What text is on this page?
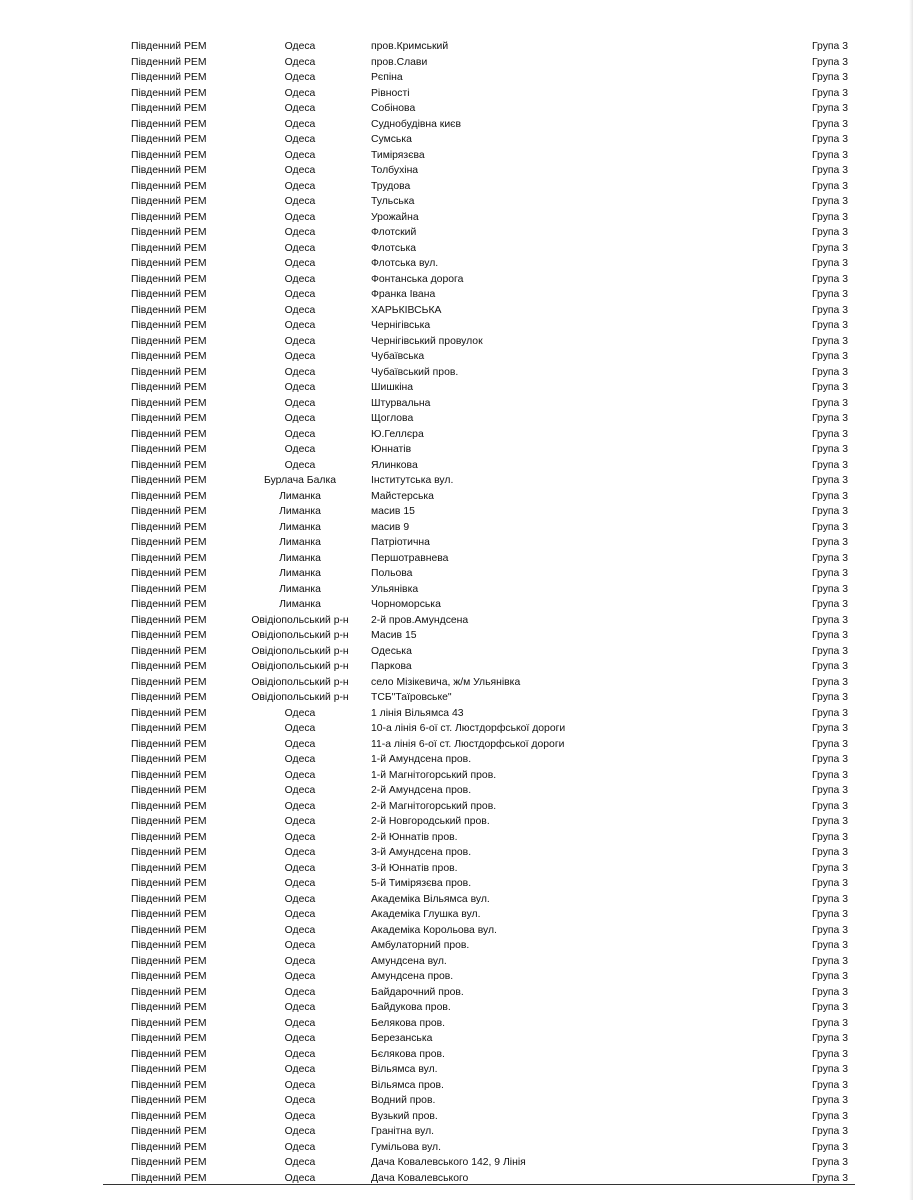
Південний РЕМ	Одеса	пров.Кримський	Група 3
Південний РЕМ	Одеса	пров.Слави	Група 3
Південний РЕМ	Одеса	Рєпіна	Група 3
Південний РЕМ	Одеса	Рівності	Група 3
Південний РЕМ	Одеса	Собінова	Група 3
Південний РЕМ	Одеса	Суднобудівна києв	Група 3
Південний РЕМ	Одеса	Сумська	Група 3
Південний РЕМ	Одеса	Тимірязєва	Група 3
Південний РЕМ	Одеса	Толбухіна	Група 3
Південний РЕМ	Одеса	Трудова	Група 3
Південний РЕМ	Одеса	Тульська	Група 3
Південний РЕМ	Одеса	Урожайна	Група 3
Південний РЕМ	Одеса	Флотский	Група 3
Південний РЕМ	Одеса	Флотська	Група 3
Південний РЕМ	Одеса	Флотська вул.	Група 3
Південний РЕМ	Одеса	Фонтанська дорога	Група 3
Південний РЕМ	Одеса	Франка Івана	Група 3
Південний РЕМ	Одеса	ХАРЬКІВСЬКА	Група 3
Південний РЕМ	Одеса	Чернігівська	Група 3
Південний РЕМ	Одеса	Чернігівський провулок	Група 3
Південний РЕМ	Одеса	Чубаївська	Група 3
Південний РЕМ	Одеса	Чубаївський пров.	Група 3
Південний РЕМ	Одеса	Шишкіна	Група 3
Південний РЕМ	Одеса	Штурвальна	Група 3
Південний РЕМ	Одеса	Щоглова	Група 3
Південний РЕМ	Одеса	Ю.Геллєра	Група 3
Південний РЕМ	Одеса	Юннатів	Група 3
Південний РЕМ	Одеса	Ялинкова	Група 3
Південний РЕМ	Бурлача Балка	Інститутська вул.	Група 3
Південний РЕМ	Лиманка	Майстерська	Група 3
Південний РЕМ	Лиманка	масив 15	Група 3
Південний РЕМ	Лиманка	масив 9	Група 3
Південний РЕМ	Лиманка	Патріотична	Група 3
Південний РЕМ	Лиманка	Першотравнева	Група 3
Південний РЕМ	Лиманка	Польова	Група 3
Південний РЕМ	Лиманка	Ульянівка	Група 3
Південний РЕМ	Лиманка	Чорноморська	Група 3
Південний РЕМ	Овідіопольський р-н	2-й пров.Амундсена	Група 3
Південний РЕМ	Овідіопольський р-н	Масив 15	Група 3
Південний РЕМ	Овідіопольський р-н	Одеська	Група 3
Південний РЕМ	Овідіопольський р-н	Паркова	Група 3
Південний РЕМ	Овідіопольський р-н	село Мізікевича, ж/м Ульянівка	Група 3
Південний РЕМ	Овідіопольський р-н	ТСБ"Таїровське"	Група 3
Південний РЕМ	Одеса	1 лінія Вільямса 43	Група 3
Південний РЕМ	Одеса	10-а лінія 6-ої ст. Люстдорфської дороги	Група 3
Південний РЕМ	Одеса	11-а лінія 6-ої ст. Люстдорфської дороги	Група 3
Південний РЕМ	Одеса	1-й Амундсена пров.	Група 3
Південний РЕМ	Одеса	1-й Магнітогорський пров.	Група 3
Південний РЕМ	Одеса	2-й Амундсена пров.	Група 3
Південний РЕМ	Одеса	2-й Магнітогорський пров.	Група 3
Південний РЕМ	Одеса	2-й Новгородський пров.	Група 3
Південний РЕМ	Одеса	2-й Юннатів пров.	Група 3
Південний РЕМ	Одеса	3-й Амундсена пров.	Група 3
Південний РЕМ	Одеса	3-й Юннатів пров.	Група 3
Південний РЕМ	Одеса	5-й Тимірязєва пров.	Група 3
Південний РЕМ	Одеса	Академіка Вільямса вул.	Група 3
Південний РЕМ	Одеса	Академіка Глушка вул.	Група 3
Південний РЕМ	Одеса	Академіка Корольова вул.	Група 3
Південний РЕМ	Одеса	Амбулаторний пров.	Група 3
Південний РЕМ	Одеса	Амундсена вул.	Група 3
Південний РЕМ	Одеса	Амундсена пров.	Група 3
Південний РЕМ	Одеса	Байдарочний пров.	Група 3
Південний РЕМ	Одеса	Байдукова пров.	Група 3
Південний РЕМ	Одеса	Белякова пров.	Група 3
Південний РЕМ	Одеса	Березанська	Група 3
Південний РЕМ	Одеса	Бєлякова пров.	Група 3
Південний РЕМ	Одеса	Вільямса вул.	Група 3
Південний РЕМ	Одеса	Вільямса пров.	Група 3
Південний РЕМ	Одеса	Водний пров.	Група 3
Південний РЕМ	Одеса	Вузький пров.	Група 3
Південний РЕМ	Одеса	Гранітна вул.	Група 3
Південний РЕМ	Одеса	Гумільова вул.	Група 3
Південний РЕМ	Одеса	Дача Ковалевського 142, 9 Лінія	Група 3
Південний РЕМ	Одеса	Дача Ковалевського	Група 3
